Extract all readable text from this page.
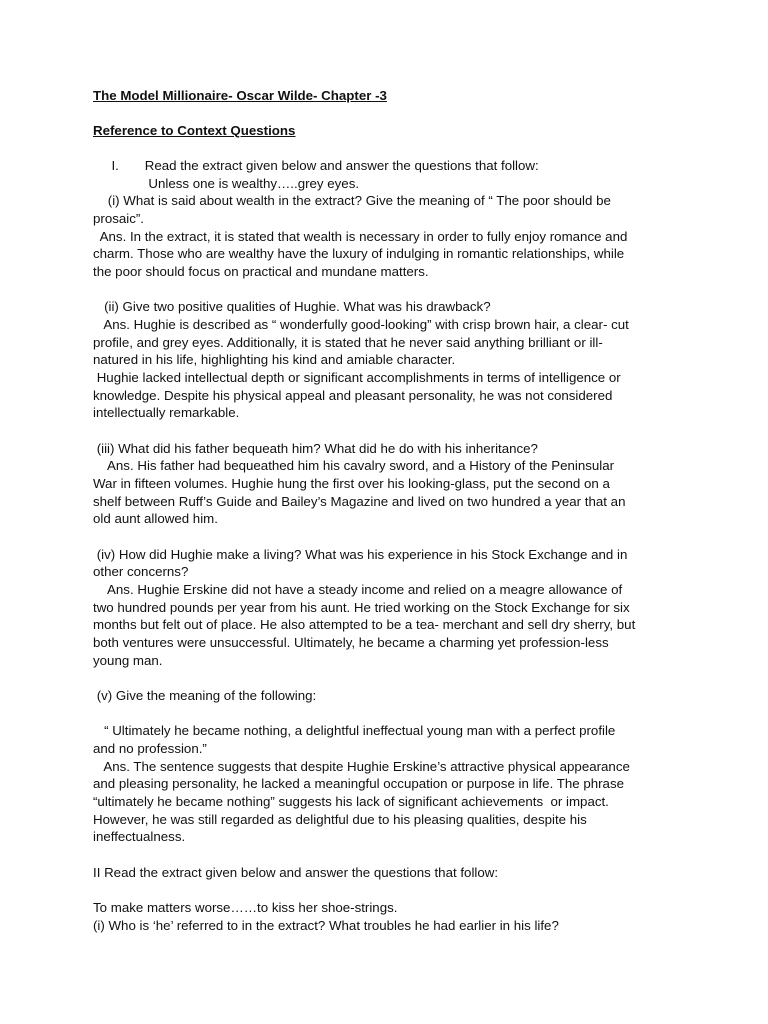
The Model Millionaire- Oscar Wilde- Chapter -3
Reference to Context Questions
I.       Read the extract given below and answer the questions that follow:
Unless one is wealthy…..grey eyes.
(i) What is said about wealth in the extract? Give the meaning of “ The poor should be
prosaic”.
Ans. In the extract, it is stated that wealth is necessary in order to fully enjoy romance and
charm. Those who are wealthy have the luxury of indulging in romantic relationships, while
the poor should focus on practical and mundane matters.
(ii) Give two positive qualities of Hughie. What was his drawback?
Ans. Hughie is described as “ wonderfully good-looking” with crisp brown hair, a clear- cut
profile, and grey eyes. Additionally, it is stated that he never said anything brilliant or ill-
natured in his life, highlighting his kind and amiable character.
Hughie lacked intellectual depth or significant accomplishments in terms of intelligence or
knowledge. Despite his physical appeal and pleasant personality, he was not considered
intellectually remarkable.
(iii) What did his father bequeath him? What did he do with his inheritance?
Ans. His father had bequeathed him his cavalry sword, and a History of the Peninsular
War in fifteen volumes. Hughie hung the first over his looking-glass, put the second on a
shelf between Ruff’s Guide and Bailey’s Magazine and lived on two hundred a year that an
old aunt allowed him.
(iv) How did Hughie make a living? What was his experience in his Stock Exchange and in
other concerns?
Ans. Hughie Erskine did not have a steady income and relied on a meagre allowance of
two hundred pounds per year from his aunt. He tried working on the Stock Exchange for six
months but felt out of place. He also attempted to be a tea- merchant and sell dry sherry, but
both ventures were unsuccessful. Ultimately, he became a charming yet profession-less
young man.
(v) Give the meaning of the following:
“ Ultimately he became nothing, a delightful ineffectual young man with a perfect profile
and no profession.”
Ans. The sentence suggests that despite Hughie Erskine’s attractive physical appearance
and pleasing personality, he lacked a meaningful occupation or purpose in life. The phrase
“ultimately he became nothing” suggests his lack of significant achievements  or impact.
However, he was still regarded as delightful due to his pleasing qualities, despite his
ineffectualness.
II Read the extract given below and answer the questions that follow:
To make matters worse……to kiss her shoe-strings.
(i) Who is ‘he’ referred to in the extract? What troubles he had earlier in his life?
